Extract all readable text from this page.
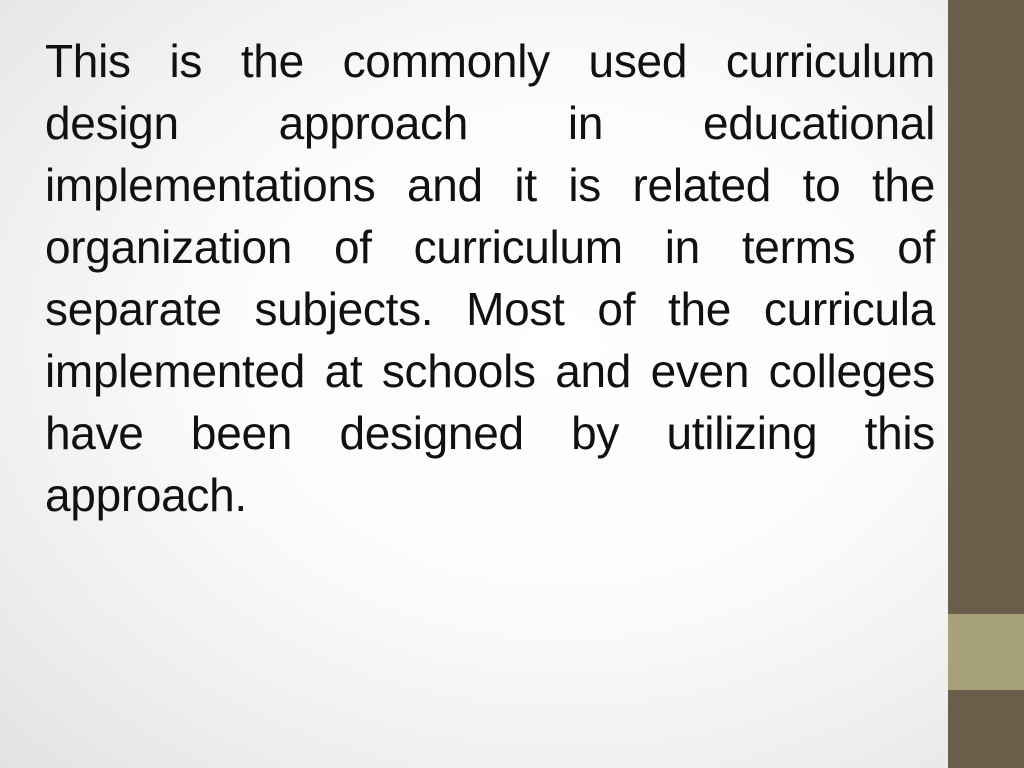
This is the commonly used curriculum design approach in educational implementations and it is related to the organization of curriculum in terms of separate subjects. Most of the curricula implemented at schools and even colleges have been designed by utilizing this approach.
